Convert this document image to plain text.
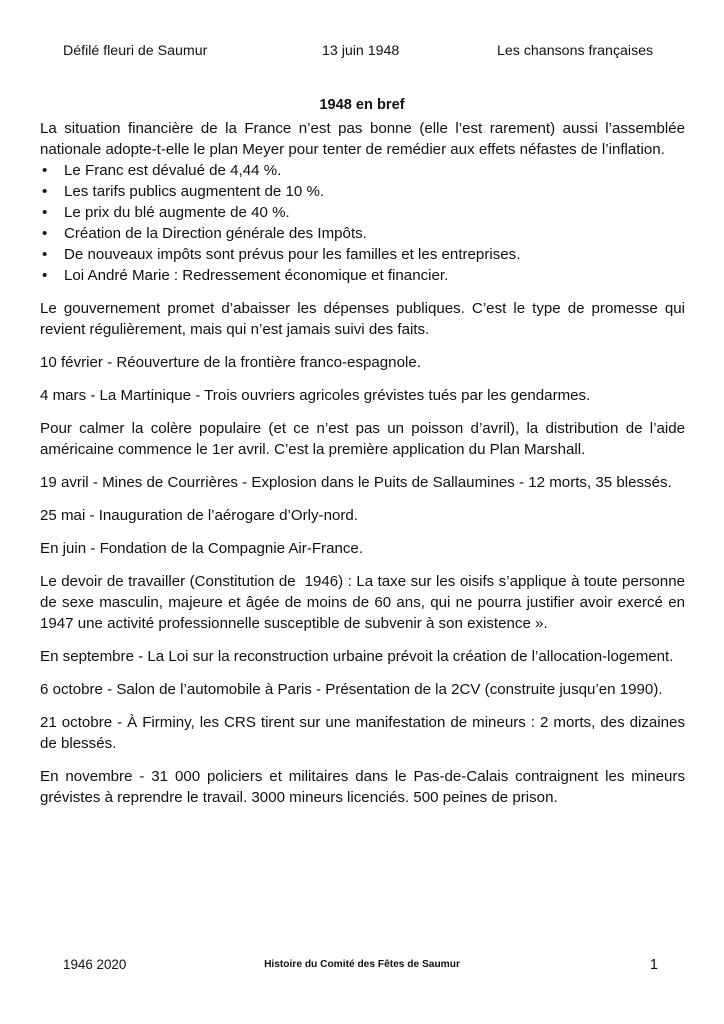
Défilé fleuri de Saumur	13 juin 1948	Les chansons françaises
1948 en bref

La situation financière de la France n’est pas bonne (elle l’est rarement) aussi l’assemblée nationale adopte-t-elle le plan Meyer pour tenter de remédier aux effets néfastes de l’inflation.

• Le Franc est dévalué de 4,44 %.
• Les tarifs publics augmentent de 10 %.
• Le prix du blé augmente de 40 %.
• Création de la Direction générale des Impôts.
• De nouveaux impôts sont prévus pour les familles et les entreprises.
• Loi André Marie : Redressement économique et financier.

Le gouvernement promet d’abaisser les dépenses publiques. C’est le type de promesse qui revient régulièrement, mais qui n’est jamais suivi des faits.

10 février - Réouverture de la frontière franco-espagnole.

4 mars - La Martinique - Trois ouvriers agricoles grévistes tués par les gendarmes.

Pour calmer la colère populaire (et ce n’est pas un poisson d’avril), la distribution de l’aide américaine commence le 1er avril. C’est la première application du Plan Marshall.

19 avril - Mines de Courrières - Explosion dans le Puits de Sallaumines - 12 morts, 35 blessés.

25 mai - Inauguration de l’aérogare d’Orly-nord.

En juin - Fondation de la Compagnie Air-France.

Le devoir de travailler (Constitution de  1946) : La taxe sur les oisifs s’applique à toute personne de sexe masculin, majeure et âgée de moins de 60 ans, qui ne pourra justifier avoir exercé en 1947 une activité professionnelle susceptible de subvenir à son existence ».

En septembre - La Loi sur la reconstruction urbaine prévoit la création de l’allocation-logement.

6 octobre - Salon de l’automobile à Paris - Présentation de la 2CV (construite jusqu’en 1990).

21 octobre - À Firminy, les CRS tirent sur une manifestation de mineurs : 2 morts, des dizaines de blessés.

En novembre - 31 000 policiers et militaires dans le Pas-de-Calais contraignent les mineurs grévistes à reprendre le travail. 3000 mineurs licenciés. 500 peines de prison.

1946 2020	Histoire du Comité des Fêtes de Saumur	1
